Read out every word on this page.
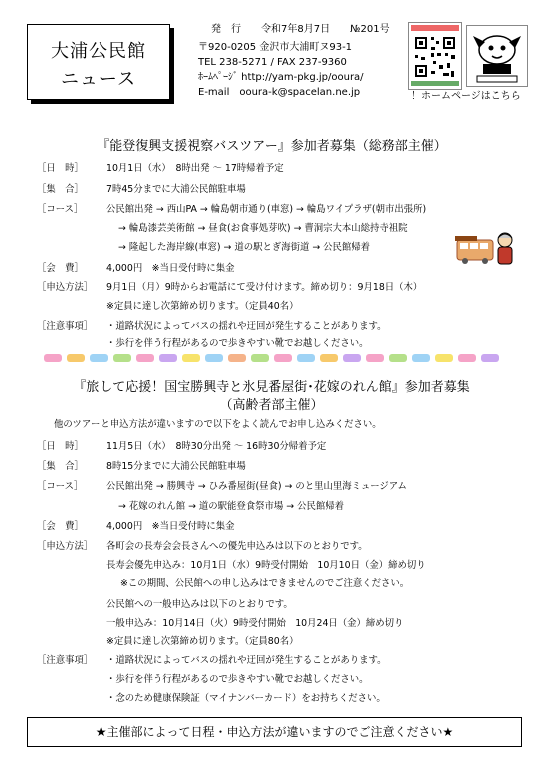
大浦公民館
ニュース
発　行　　令和7年8月7日　　№201号
〒920-0205 金沢市大浦町ヌ93-1
TEL 238-5271 / FAX 237-9360
ﾎｰﾑﾍﾟｰｼﾞ http://yam-pkg.jp/ooura/
E-mail　ooura-k@spacelan.ne.jp	！ホームページはこちら
『能登復興支援視察バスツアー』参加者募集（総務部主催）
［日　時］ 10月1日（水）　8時出発 ～ 17時帰着予定
［集　合］ 7時45分までに大浦公民館駐車場
［コース］ 公民館出発 → 西山PA → 輪島朝市通り(車窓) → 輪島ワイプラザ(朝市出張所)
→ 輪島漆芸美術館 → 昼食(お食事処芽吹) → 曹洞宗大本山総持寺祖院
→ 隆起した海岸線(車窓) → 道の駅とぎ海街道 → 公民館帰着
［会　費］ 4,000円　※当日受付時に集金
［申込方法］ 9月1日（月）9時からお電話にて受け付けます。締め切り：9月18日（木）
※定員に達し次第締め切ります。（定員40名）
［注意事項］ ・道路状況によってバスの揺れや迂回が発生することがあります。
・歩行を伴う行程があるので歩きやすい靴でお越しください。
『旅して応援！国宝勝興寺と氷見番屋街･花嫁のれん館』参加者募集
（高齢者部主催）
他のツアーと申込方法が違いますので以下をよく読んでお申し込みください。
［日　時］ 11月5日（水）　8時30分出発 ～ 16時30分帰着予定
［集　合］ 8時15分までに大浦公民館駐車場
［コース］ 公民館出発 → 勝興寺 → ひみ番屋街(昼食) → のと里山里海ミュージアム
→ 花嫁のれん館 → 道の駅能登食祭市場 → 公民館帰着
［会　費］ 4,000円　※当日受付時に集金
［申込方法］ 各町会の長寿会会長さんへの優先申込みは以下のとおりです。
長寿会優先申込み：10月1日（水）9時受付開始　10月10日（金）締め切り
※この期間、公民館への申し込みはできませんのでご注意ください。
公民館への一般申込みは以下のとおりです。
一般申込み：10月14日（火）9時受付開始　10月24日（金）締め切り
※定員に達し次第締め切ります。（定員80名）
［注意事項］ ・道路状況によってバスの揺れや迂回が発生することがあります。
・歩行を伴う行程があるので歩きやすい靴でお越しください。
・念のため健康保険証（マイナンバーカード）をお持ちください。
★主催部によって日程・申込方法が違いますのでご注意ください★
